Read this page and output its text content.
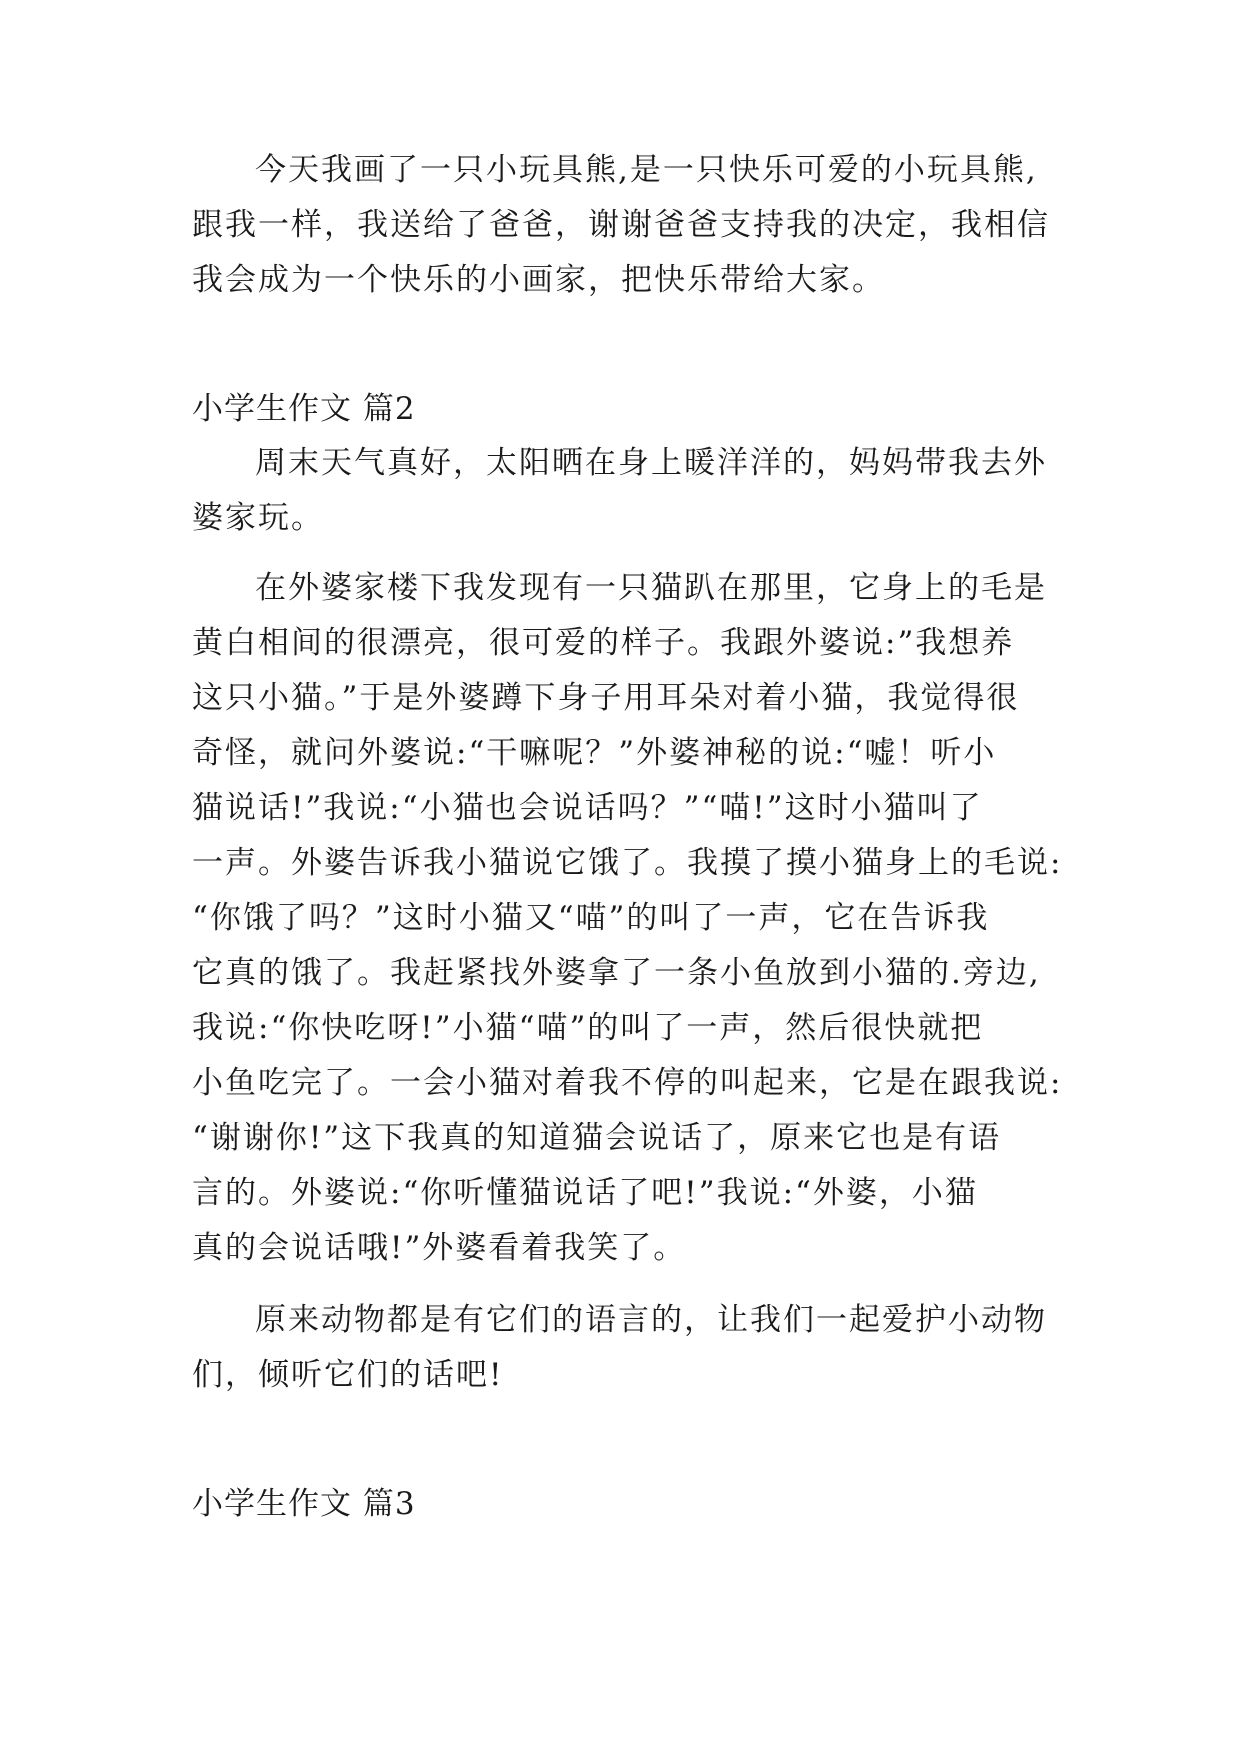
今天我画了一只小玩具熊,是一只快乐可爱的小玩具熊,
跟我一样，我送给了爸爸，谢谢爸爸支持我的决定，我相信
我会成为一个快乐的小画家，把快乐带给大家。
小学生作文 篇2
周末天气真好，太阳晒在身上暖洋洋的，妈妈带我去外
婆家玩。
在外婆家楼下我发现有一只猫趴在那里，它身上的毛是
黄白相间的很漂亮，很可爱的样子。我跟外婆说:”我想养
这只小猫。”于是外婆蹲下身子用耳朵对着小猫，我觉得很
奇怪，就问外婆说:“干嘛呢？”外婆神秘的说:“嘘！听小
猫说话!”我说:“小猫也会说话吗？”“喵!”这时小猫叫了
一声。外婆告诉我小猫说它饿了。我摸了摸小猫身上的毛说:
“你饿了吗？”这时小猫又“喵”的叫了一声，它在告诉我
它真的饿了。我赶紧找外婆拿了一条小鱼放到小猫的.旁边,
我说:“你快吃呀!”小猫“喵”的叫了一声，然后很快就把
小鱼吃完了。一会小猫对着我不停的叫起来，它是在跟我说:
“谢谢你!”这下我真的知道猫会说话了，原来它也是有语
言的。外婆说:“你听懂猫说话了吧!”我说:“外婆，小猫
真的会说话哦!”外婆看着我笑了。
原来动物都是有它们的语言的，让我们一起爱护小动物
们，倾听它们的话吧!
小学生作文 篇3
